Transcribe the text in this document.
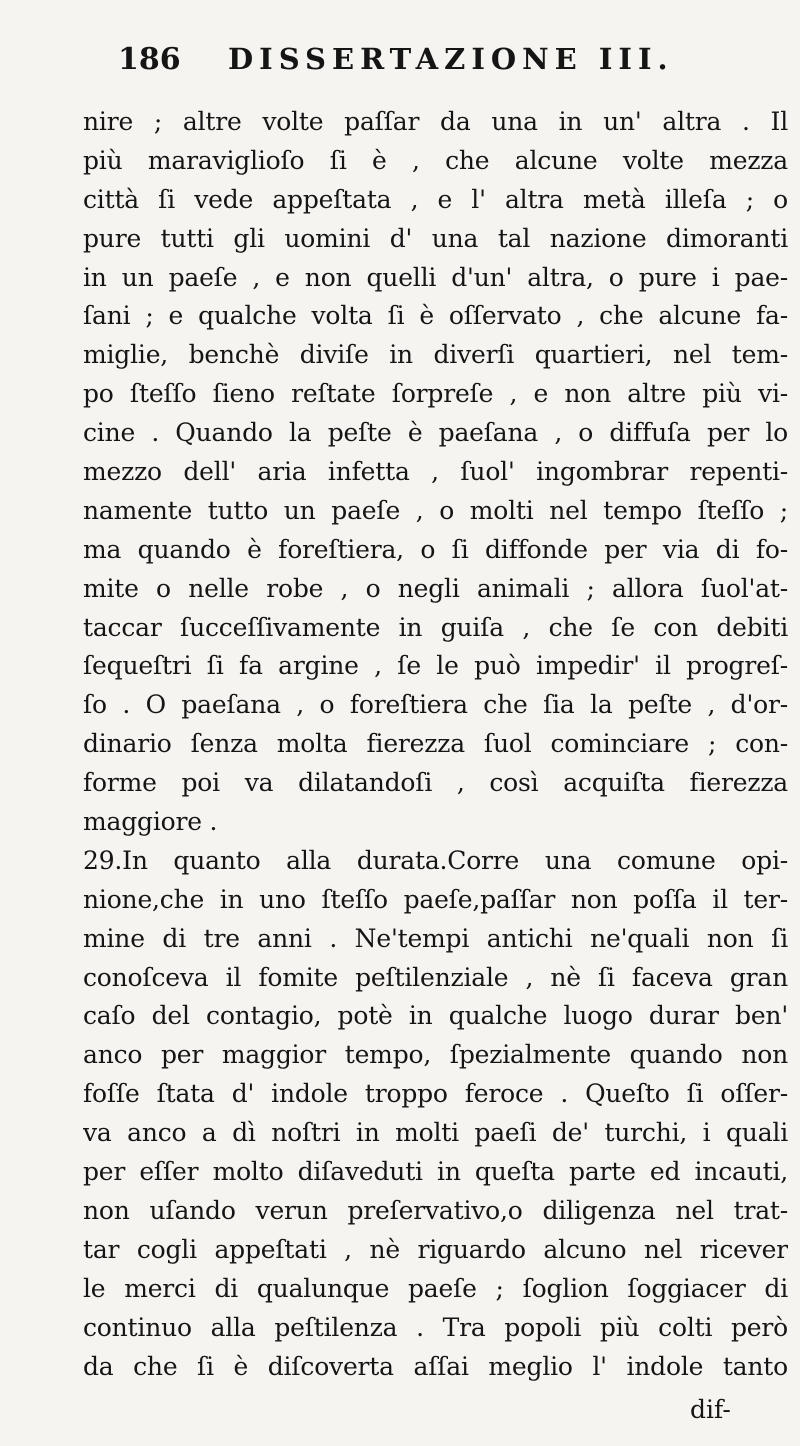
186 DISSERTAZIONE III.
nire ; altre volte paſſar da una in un' altra . Il
più maraviglioſo ſi è , che alcune volte mezza
città ſi vede appeſtata , e l' altra metà illeſa ; o
pure tutti gli uomini d' una tal nazione dimoranti
in un paeſe , e non quelli d'un' altra, o pure i pae-
ſani ; e qualche volta ſi è oſſervato , che alcune fa-
miglie, benchè diviſe in diverſi quartieri, nel tem-
po ſteſſo ſieno reſtate ſorpreſe , e non altre più vi-
cine . Quando la peſte è paeſana , o diffuſa per lo
mezzo dell' aria infetta , ſuol' ingombrar repenti-
namente tutto un paeſe , o molti nel tempo ſteſſo ;
ma quando è foreſtiera, o ſi diffonde per via di fo-
mite o nelle robe , o negli animali ; allora ſuol'at-
taccar ſucceſſivamente in guiſa , che ſe con debiti
ſequeſtri ſi fa argine , ſe le può impedir' il progreſ-
ſo . O paeſana , o foreſtiera che ſia la peſte , d'or-
dinario ſenza molta fierezza ſuol cominciare ; con-
forme poi va dilatandoſi , così acquiſta fierezza
maggiore .
29.In quanto alla durata.Corre una comune opi-
nione,che in uno ſteſſo paeſe,paſſar non poſſa il ter-
mine di tre anni . Ne'tempi antichi ne'quali non ſi
conoſceva il fomite peſtilenziale , nè ſi faceva gran
caſo del contagio, potè in qualche luogo durar ben'
anco per maggior tempo, ſpezialmente quando non
foſſe ſtata d' indole troppo feroce . Queſto ſi oſſer-
va anco a dì noſtri in molti paeſi de' turchi, i quali
per eſſer molto diſaveduti in queſta parte ed incauti,
non uſando verun preſervativo,o diligenza nel trat-
tar cogli appeſtati , nè riguardo alcuno nel ricever
le merci di qualunque paeſe ; ſoglion ſoggiacer di
continuo alla peſtilenza . Tra popoli più colti però
da che ſi è diſcoverta aſſai meglio l' indole tanto
dif-
